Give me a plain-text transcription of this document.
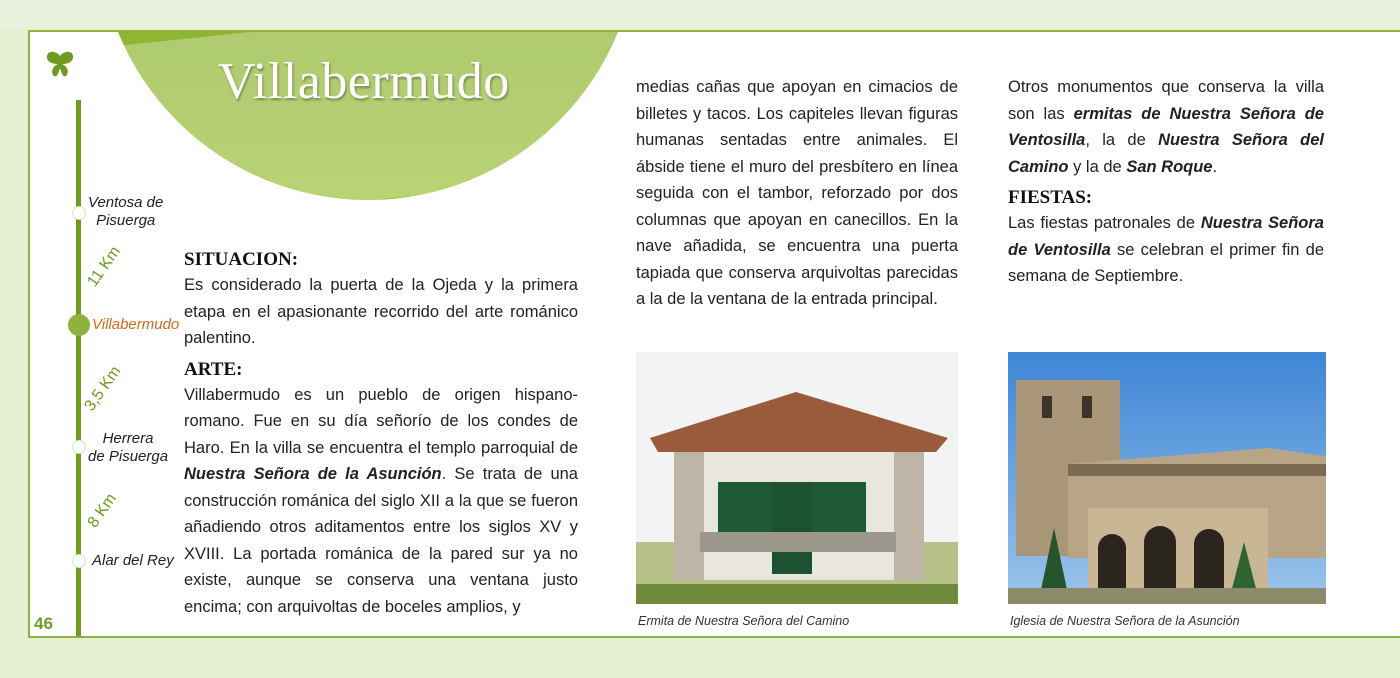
Villabermudo
Ventosa de
Pisuerga
11 Km
Villabermudo
3,5 Km
Herrera
de Pisuerga
8 Km
Alar del Rey
46
SITUACION:

Es considerado la puerta de la Ojeda y la primera etapa en el apasionante recorrido del arte románico palentino.

ARTE:

Villabermudo es un pueblo de origen hispano-romano. Fue en su día señorío de los condes de Haro. En la villa se encuentra el templo parroquial de Nuestra Señora de la Asunción. Se trata de una construcción románica del siglo XII a la que se fueron añadiendo otros aditamentos entre los siglos XV y XVIII. La portada románica de la pared sur ya no existe, aunque se conserva una ventana justo encima; con arquivoltas de boceles amplios, y

medias cañas que apoyan en cimacios de billetes y tacos. Los capiteles llevan figuras humanas sentadas entre animales. El ábside tiene el muro del presbítero en línea seguida con el tambor, reforzado por dos columnas que apoyan en canecillos. En la nave añadida, se encuentra una puerta tapiada que conserva arquivoltas parecidas a la de la ventana de la entrada principal.

Otros monumentos que conserva la villa son las ermitas de Nuestra Señora de Ventosilla, la de Nuestra Señora del Camino y la de San Roque.

FIESTAS:

Las fiestas patronales de Nuestra Señora de Ventosilla se celebran el primer fin de semana de Septiembre.

Ermita de Nuestra Señora del Camino	Iglesia de Nuestra Señora de la Asunción
